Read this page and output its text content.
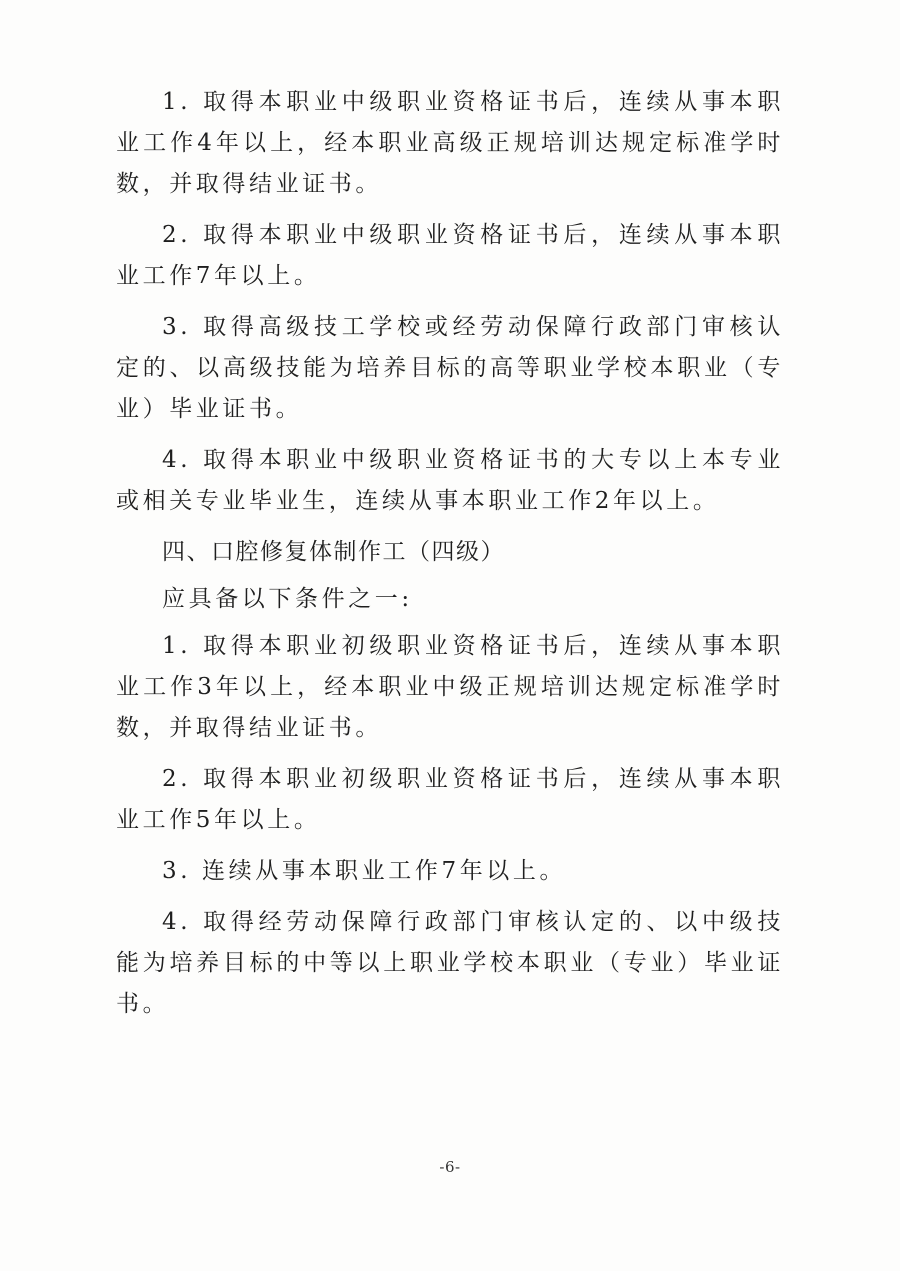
1. 取得本职业中级职业资格证书后，连续从事本职业工作4年以上，经本职业高级正规培训达规定标准学时数，并取得结业证书。

2. 取得本职业中级职业资格证书后，连续从事本职业工作7年以上。

3. 取得高级技工学校或经劳动保障行政部门审核认定的、以高级技能为培养目标的高等职业学校本职业（专业）毕业证书。

4. 取得本职业中级职业资格证书的大专以上本专业或相关专业毕业生，连续从事本职业工作2年以上。

四、口腔修复体制作工（四级）

应具备以下条件之一:

1. 取得本职业初级职业资格证书后，连续从事本职业工作3年以上，经本职业中级正规培训达规定标准学时数，并取得结业证书。

2. 取得本职业初级职业资格证书后，连续从事本职业工作5年以上。

3. 连续从事本职业工作7年以上。

4. 取得经劳动保障行政部门审核认定的、以中级技能为培养目标的中等以上职业学校本职业（专业）毕业证书。

-6-
